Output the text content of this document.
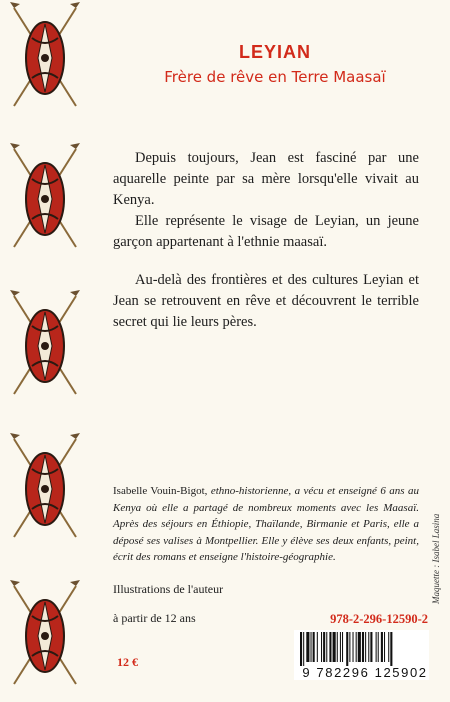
LEYIAN
Frère de rêve en Terre Maasaï

Depuis toujours, Jean est fasciné par une aquarelle peinte par sa mère lorsqu'elle vivait au Kenya.

Elle représente le visage de Leyian, un jeune garçon appartenant à l'ethnie maasaï.

Au-delà des frontières et des cultures Leyian et Jean se retrouvent en rêve et découvrent le terrible secret qui lie leurs pères.

Isabelle Vouin-Bigot, ethno-historienne, a vécu et enseigné 6 ans au Kenya où elle a partagé de nombreux moments avec les Maasaï. Après des séjours en Éthiopie, Thaïlande, Birmanie et Paris, elle a déposé ses valises à Montpellier. Elle y élève ses deux enfants, peint, écrit des romans et enseigne l'histoire-géographie.

Illustrations de l'auteur
à partir de 12 ans	978-2-296-12590-2
12 €
9 782296 125902
Maquette : Isabel Lasina
